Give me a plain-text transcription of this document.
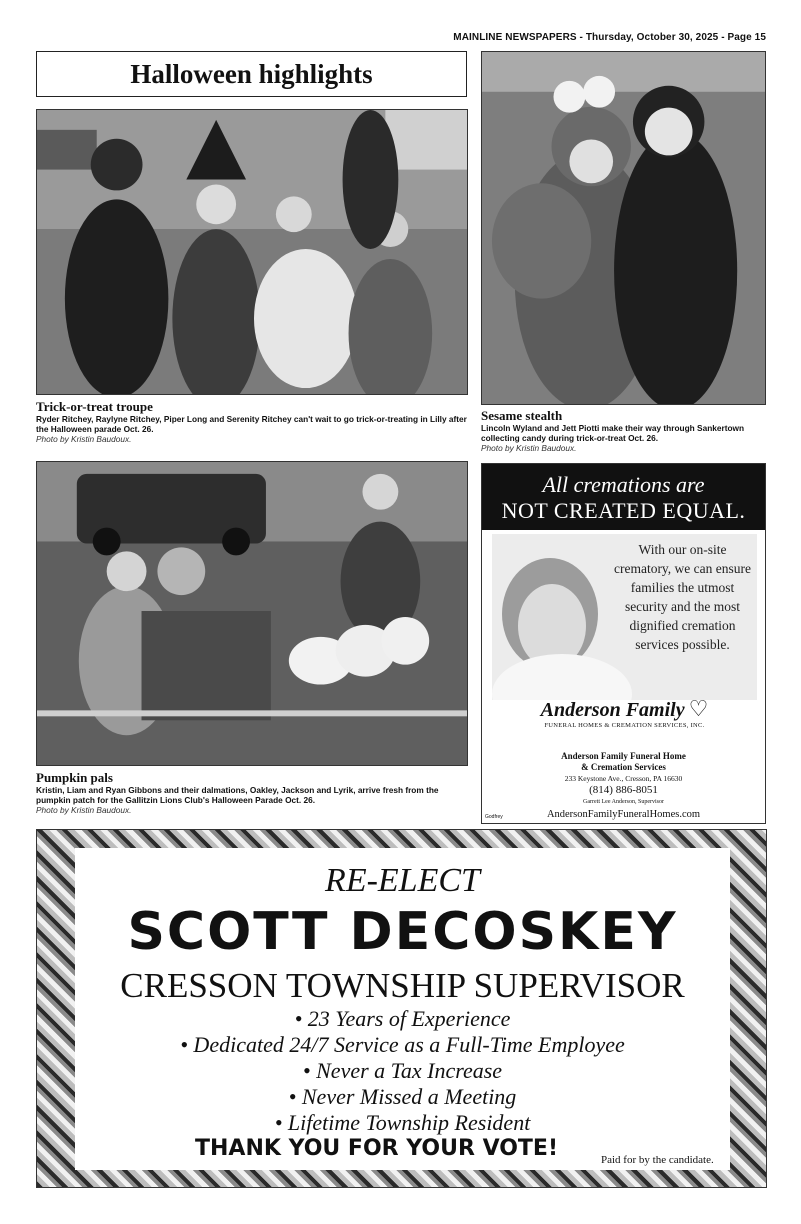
MAINLINE NEWSPAPERS - Thursday, October 30, 2025 - Page 15
Halloween highlights
Trick-or-treat troupe
Ryder Ritchey, Raylyne Ritchey, Piper Long and Serenity Ritchey can't wait to go trick-or-treating in Lilly after the Halloween parade Oct. 26.
Photo by Kristin Baudoux.
Sesame stealth
Lincoln Wyland and Jett Piotti make their way through Sankertown collecting candy during trick-or-treat Oct. 26.
Photo by Kristin Baudoux.
Pumpkin pals
Kristin, Liam and Ryan Gibbons and their dalmations, Oakley, Jackson and Lyrik, arrive fresh from the pumpkin patch for the Gallitzin Lions Club's Halloween Parade Oct. 26.
Photo by Kristin Baudoux.
All cremations are
NOT CREATED EQUAL.
With our on-site
crematory, we can ensure
families the utmost
security and the most
dignified cremation
services possible.
Anderson Family ♡
FUNERAL HOMES & CREMATION SERVICES, INC.
Anderson Family Funeral Home
& Cremation Services
233 Keystone Ave., Cresson, PA 16630
(814) 886-8051
Garrett Lee Anderson, Supervisor
AndersonFamilyFuneralHomes.com
Godfrey
RE-ELECT
SCOTT DECOSKEY
CRESSON TOWNSHIP SUPERVISOR
• 23 Years of Experience
• Dedicated 24/7 Service as a Full-Time Employee
• Never a Tax Increase
• Never Missed a Meeting
• Lifetime Township Resident
THANK YOU FOR YOUR VOTE!	Paid for by the candidate.
